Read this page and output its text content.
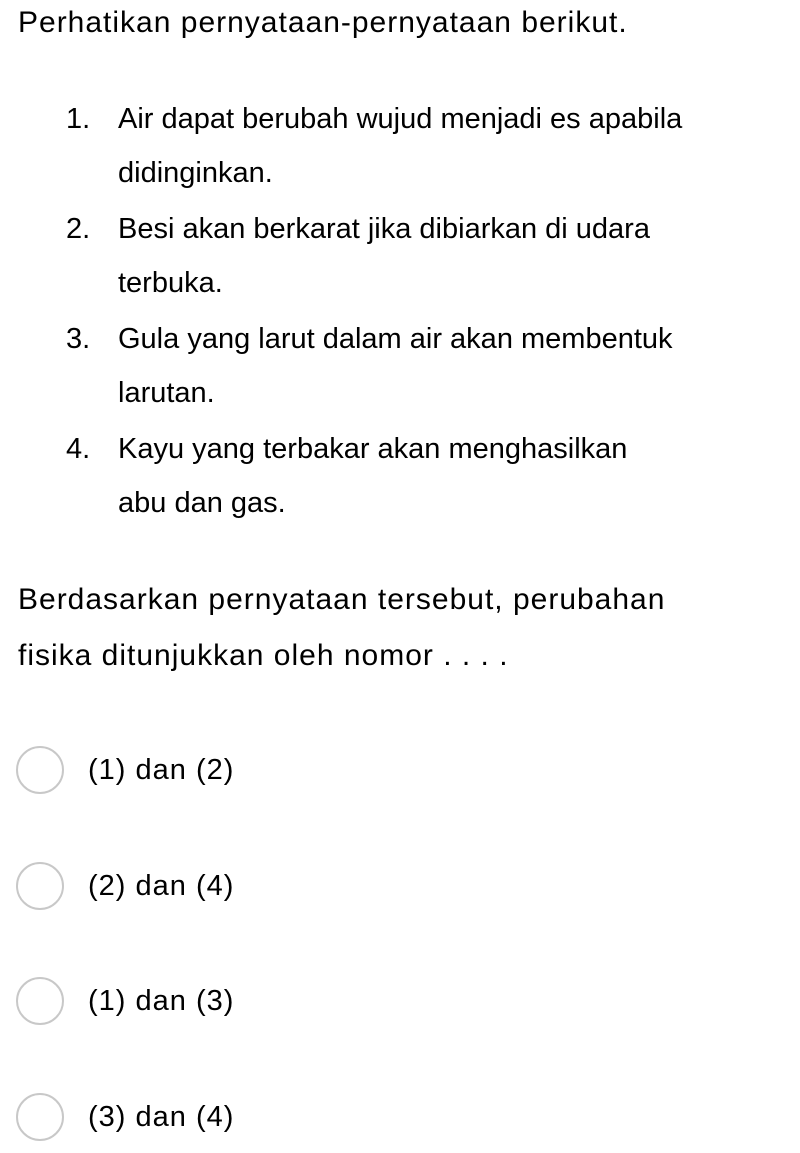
Perhatikan pernyataan-pernyataan berikut.

1. Air dapat berubah wujud menjadi es apabila
didinginkan.
2. Besi akan berkarat jika dibiarkan di udara
terbuka.
3. Gula yang larut dalam air akan membentuk
larutan.
4. Kayu yang terbakar akan menghasilkan
abu dan gas.

Berdasarkan pernyataan tersebut, perubahan
fisika ditunjukkan oleh nomor . . . .

(1) dan (2)
(2) dan (4)
(1) dan (3)
(3) dan (4)
